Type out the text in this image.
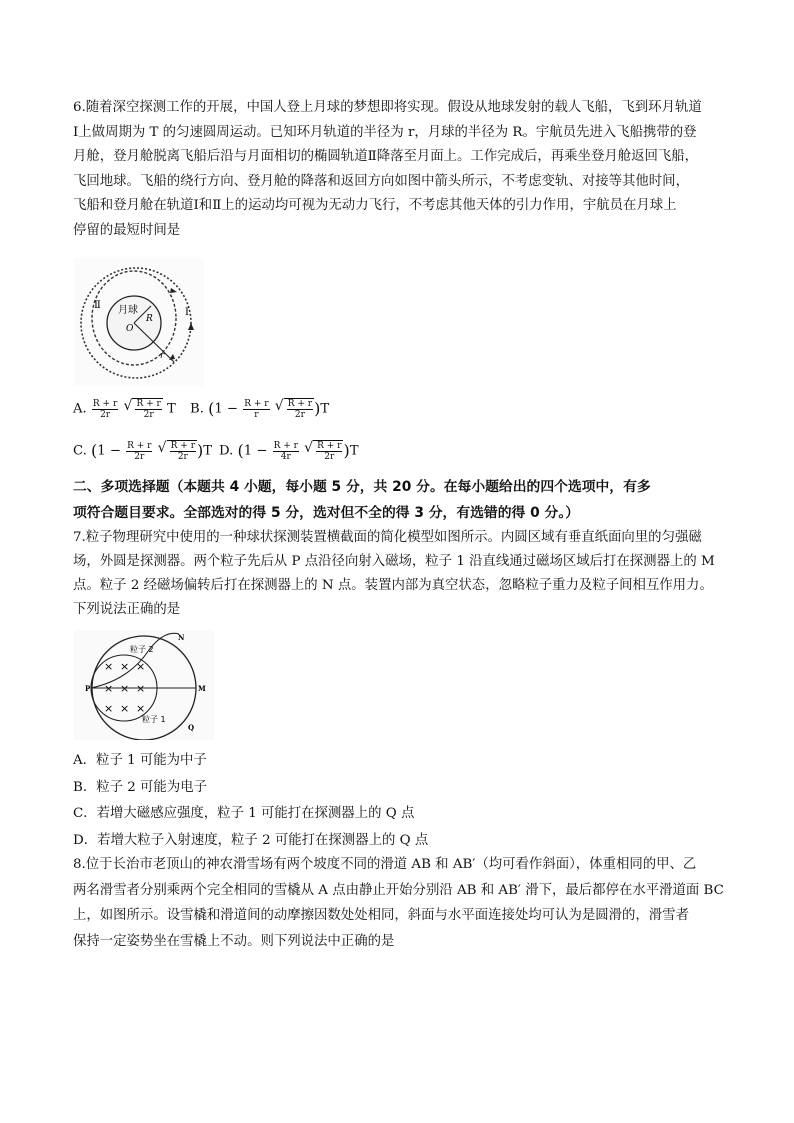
6.随着深空探测工作的开展，中国人登上月球的梦想即将实现。假设从地球发射的载人飞船，飞到环月轨道

Ⅰ上做周期为 T 的匀速圆周运动。已知环月轨道的半径为 r，月球的半径为 R。宇航员先进入飞船携带的登

月舱，登月舱脱离飞船后沿与月面相切的椭圆轨道Ⅱ降落至月面上。工作完成后，再乘坐登月舱返回飞船，

飞回地球。飞船的绕行方向、登月舱的降落和返回方向如图中箭头所示，不考虑变轨、对接等其他时间，

飞船和登月舱在轨道Ⅰ和Ⅱ上的运动均可视为无动力飞行，不考虑其他天体的引力作用，宇航员在月球上

停留的最短时间是

月球
O
R
r
Ⅱ
Ⅰ
A. $\frac{R + r}{2r}$
√ $\frac{R + r}{2r}$ T B. ($1 - \frac{R + r}{r}$
√ $\frac{R + r}{2r} )T$
C. ($1 - \frac{R + r}{2r}$
√ $\frac{R + r}{2r} )T$ D. ($1 - \frac{R + r}{4r}$
√ $\frac{R + r}{2r} )T$

二、多项选择题（本题共 4 小题，每小题 5 分，共 20 分。在每小题给出的四个选项中，有多

项符合题目要求。全部选对的得 5 分，选对但不全的得 3 分，有选错的得 0 分。）

7.粒子物理研究中使用的一种球状探测装置横截面的简化模型如图所示。内圆区域有垂直纸面向里的匀强磁

场，外圆是探测器。两个粒子先后从 P 点沿径向射入磁场，粒子 1 沿直线通过磁场区域后打在探测器上的 M

点。粒子 2 经磁场偏转后打在探测器上的 N 点。装置内部为真空状态，忽略粒子重力及粒子间相互作用力。

下列说法正确的是

× × ×
× × ×
× × ×
粒子 2
粒子 1
P	M
N
Q

A．粒子 1 可能为中子

B．粒子 2 可能为电子

C．若增大磁感应强度，粒子 1 可能打在探测器上的 Q 点

D．若增大粒子入射速度，粒子 2 可能打在探测器上的 Q 点

8.位于长治市老顶山的神农滑雪场有两个坡度不同的滑道 AB 和 AB′（均可看作斜面），体重相同的甲、乙

两名滑雪者分别乘两个完全相同的雪橇从 A 点由静止开始分别沿 AB 和 AB′ 滑下，最后都停在水平滑道面 BC

上，如图所示。设雪橇和滑道间的动摩擦因数处处相同，斜面与水平面连接处均可认为是圆滑的，滑雪者

保持一定姿势坐在雪橇上不动。则下列说法中正确的是
